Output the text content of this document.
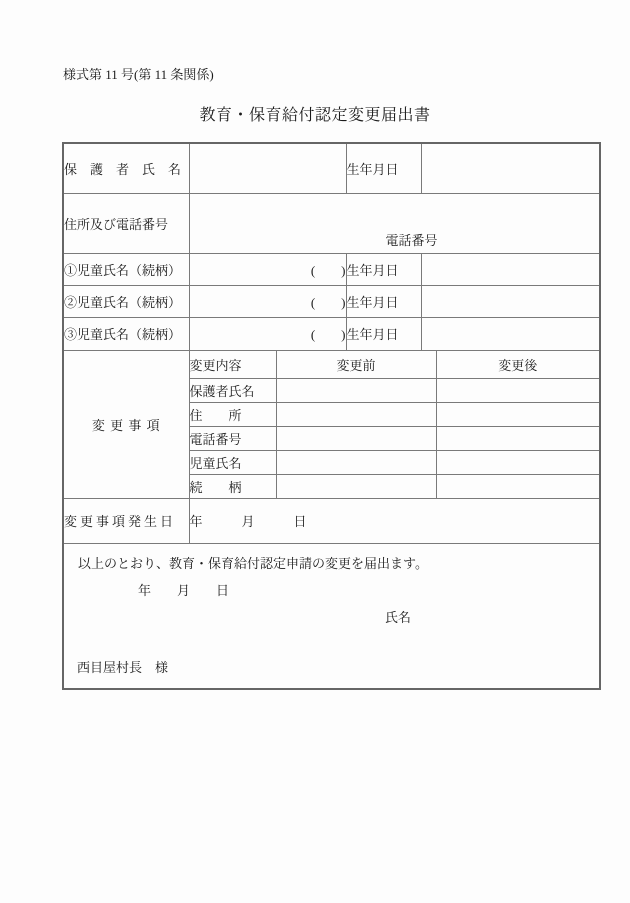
様式第 11 号(第 11 条関係)
教育・保育給付認定変更届出書
保　護　者　氏　名			生年月日		
住所及び電話番号	電話番号				

①児童氏名（続柄）	(　　)		生年月日		
②児童氏名（続柄）	(　　)		生年月日		
③児童氏名（続柄）	(　　)		生年月日		
変 更 事 項	変更内容	変更前			変更後
	保護者氏名				
	住　　所				
	電話番号				
	児童氏名				
	続　　柄				
変更事項発生日	年　　　月　　　日				

以上のとおり、教育・保育給付認定申請の変更を届出ます。

年　　月　　日

氏名

西目屋村長　様					
